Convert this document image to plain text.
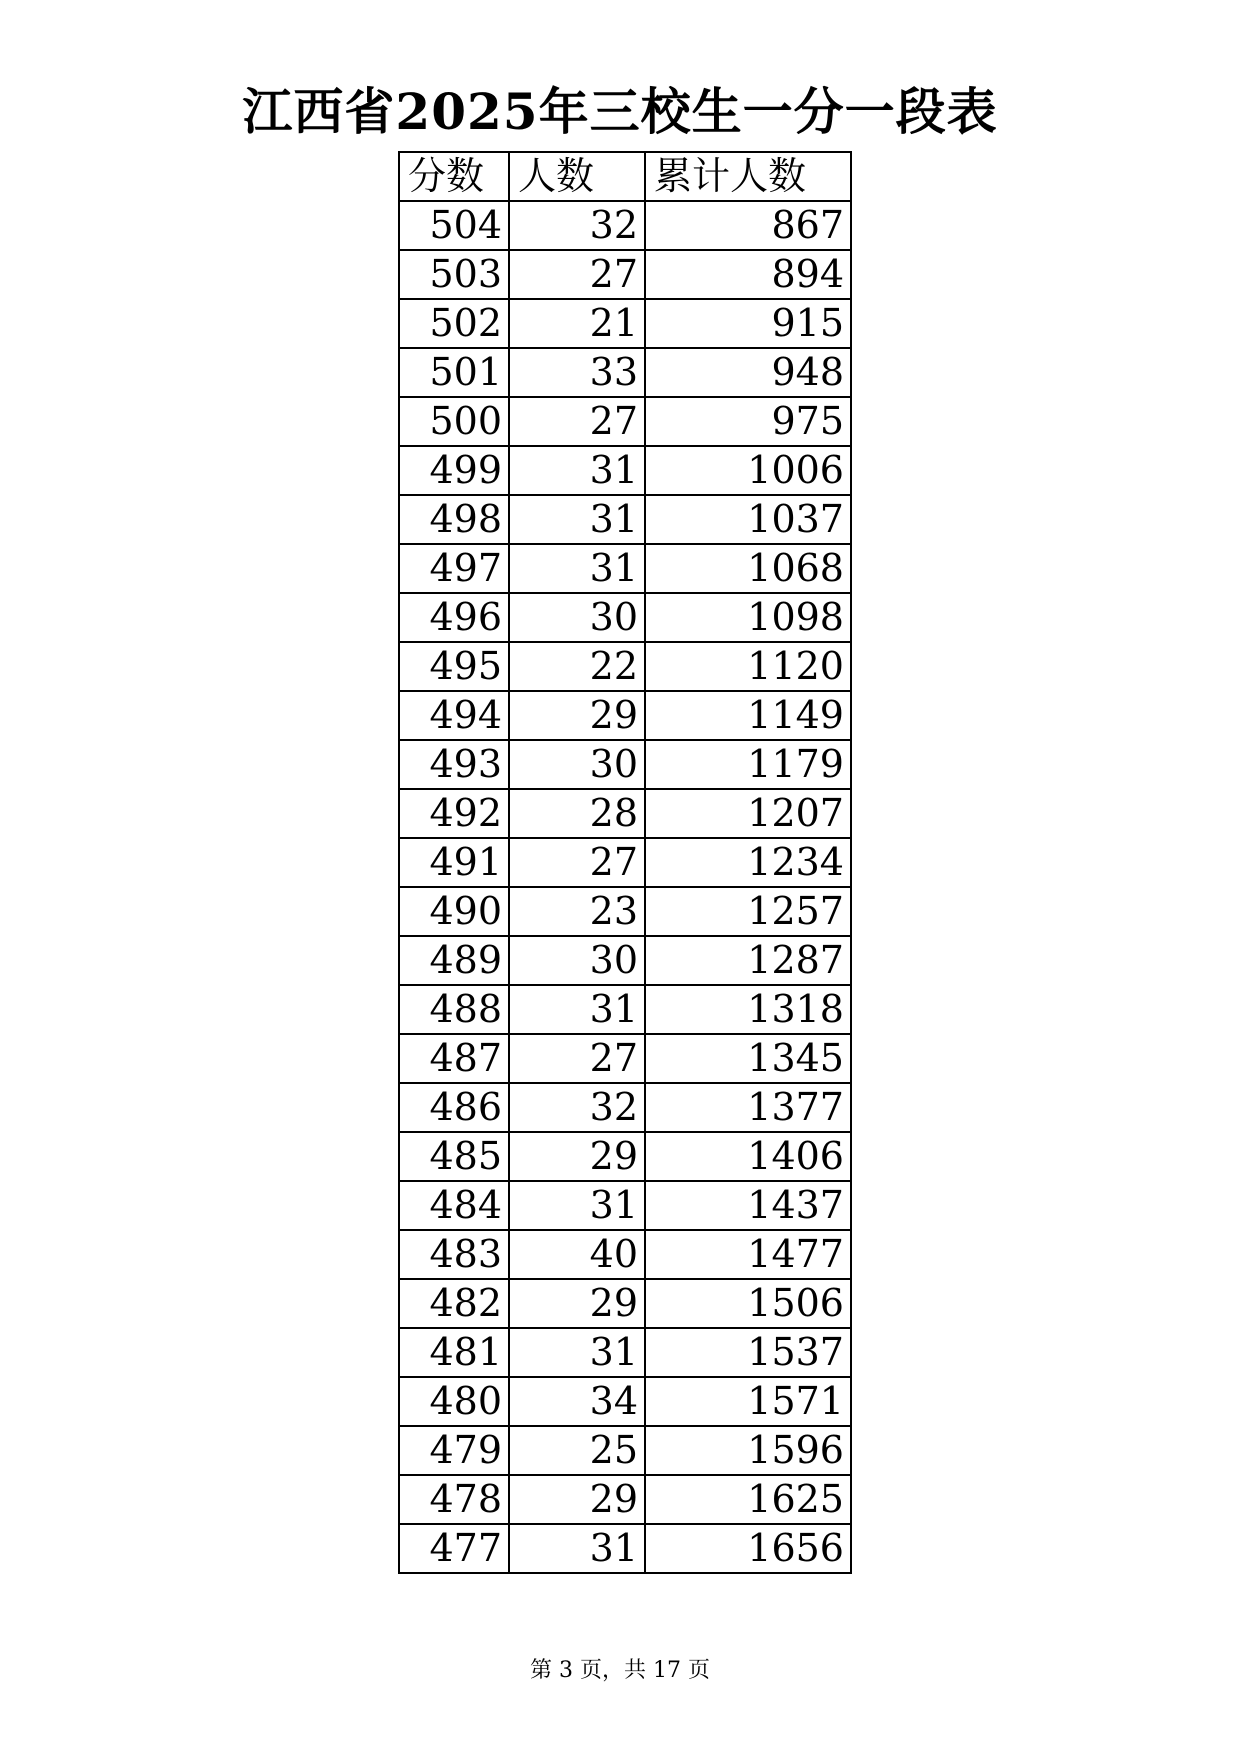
江西省2025年三校生一分一段表
分数	人数	累计人数
504	32	867
503	27	894
502	21	915
501	33	948
500	27	975
499	31	1006
498	31	1037
497	31	1068
496	30	1098
495	22	1120
494	29	1149
493	30	1179
492	28	1207
491	27	1234
490	23	1257
489	30	1287
488	31	1318
487	27	1345
486	32	1377
485	29	1406
484	31	1437
483	40	1477
482	29	1506
481	31	1537
480	34	1571
479	25	1596
478	29	1625
477	31	1656
第 3 页，共 17 页
